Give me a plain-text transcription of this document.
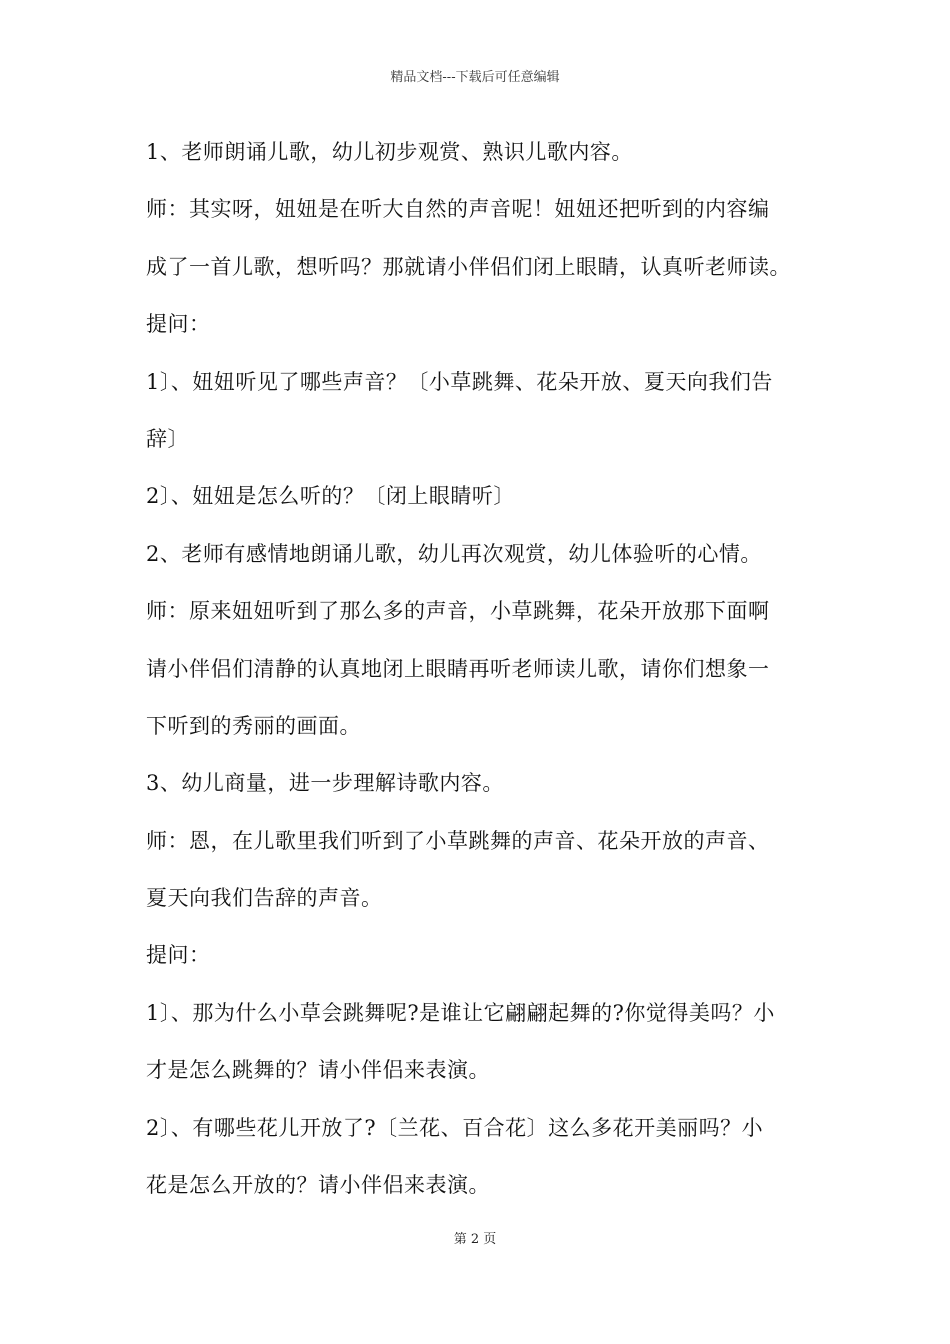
精品文档---下载后可任意编辑
1、老师朗诵儿歌，幼儿初步观赏、熟识儿歌内容。
师：其实呀，妞妞是在听大自然的声音呢！妞妞还把听到的内容编
成了一首儿歌，想听吗？那就请小伴侣们闭上眼睛，认真听老师读。
提问：
1〕、妞妞听见了哪些声音？〔小草跳舞、花朵开放、夏天向我们告
辞〕
2〕、妞妞是怎么听的？〔闭上眼睛听〕
2、老师有感情地朗诵儿歌，幼儿再次观赏，幼儿体验听的心情。
师：原来妞妞听到了那么多的声音，小草跳舞，花朵开放那下面啊
请小伴侣们清静的认真地闭上眼睛再听老师读儿歌，请你们想象一
下听到的秀丽的画面。
3、幼儿商量，进一步理解诗歌内容。
师：恩，在儿歌里我们听到了小草跳舞的声音、花朵开放的声音、
夏天向我们告辞的声音。
提问：
1〕、那为什么小草会跳舞呢?是谁让它翩翩起舞的?你觉得美吗？小
才是怎么跳舞的？请小伴侣来表演。
2〕、有哪些花儿开放了?〔兰花、百合花〕这么多花开美丽吗？小
花是怎么开放的？请小伴侣来表演。
第 2 页
